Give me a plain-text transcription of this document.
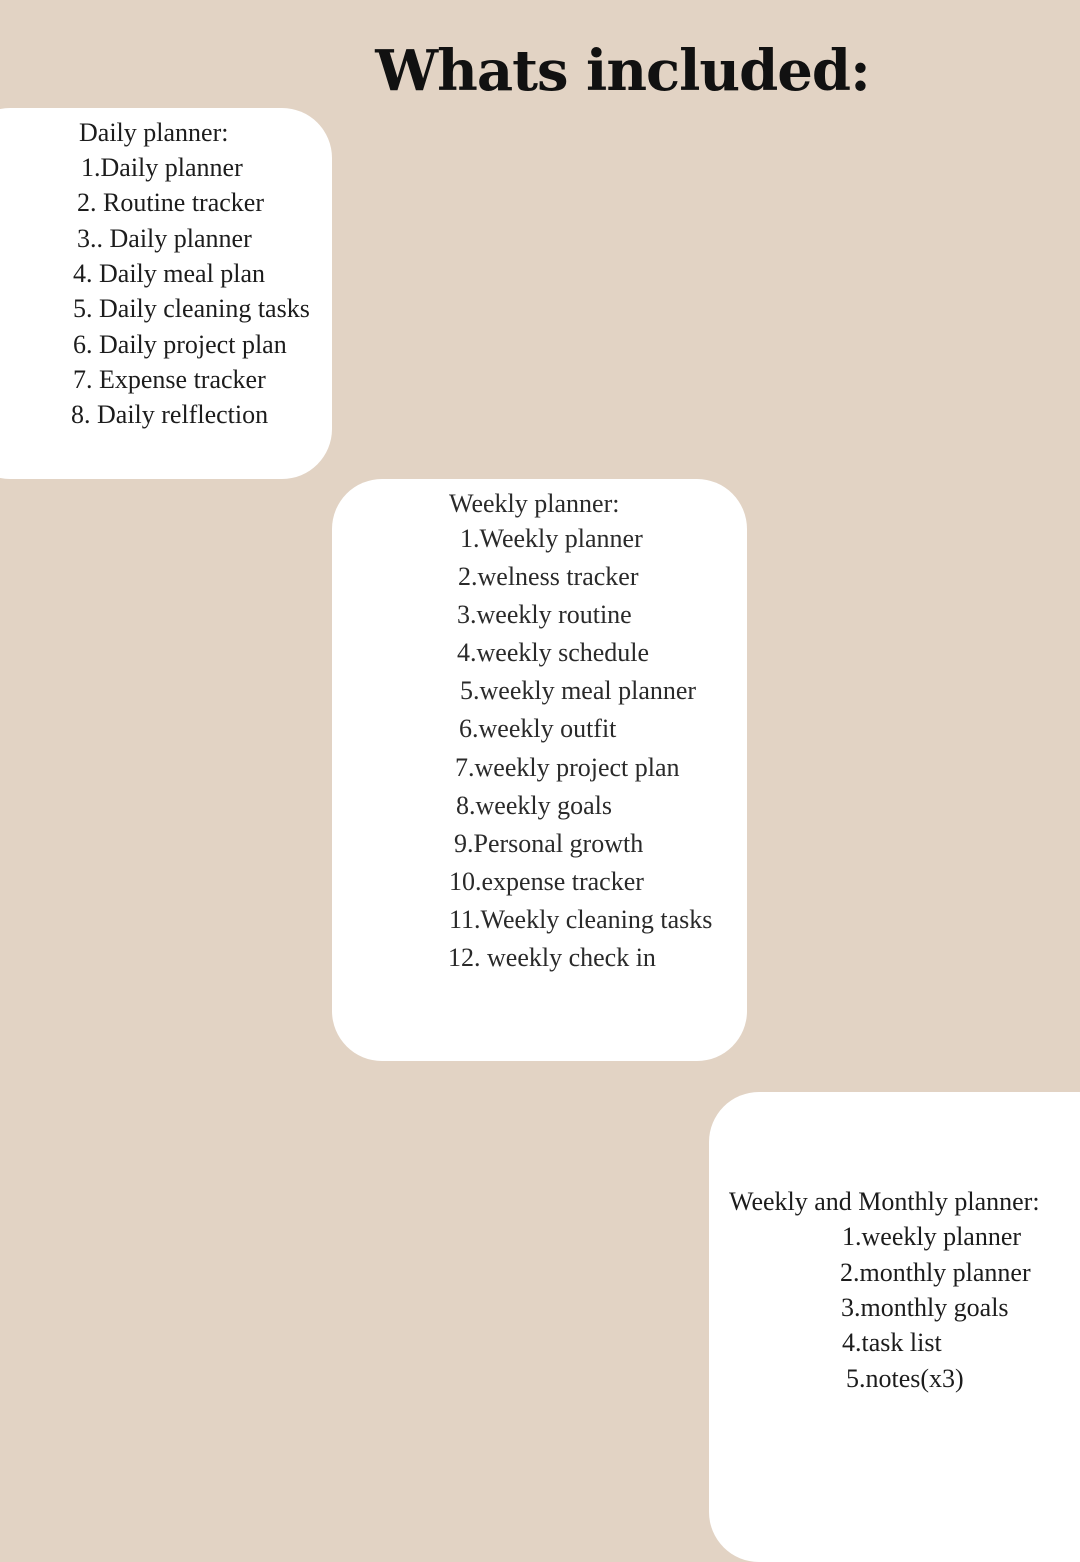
Whats included:
Daily planner:
1.Daily planner
2. Routine tracker
3.. Daily planner
4. Daily meal plan
5. Daily cleaning tasks
6. Daily project plan
7. Expense tracker
8. Daily relflection
Weekly planner:
1.Weekly planner
2.welness tracker
3.weekly routine
4.weekly schedule
5.weekly meal planner
6.weekly outfit
7.weekly project plan
8.weekly goals
9.Personal growth
10.expense tracker
11.Weekly cleaning tasks
12. weekly check in
Weekly and Monthly planner:
1.weekly planner
2.monthly planner
3.monthly goals
4.task list
5.notes(x3)
